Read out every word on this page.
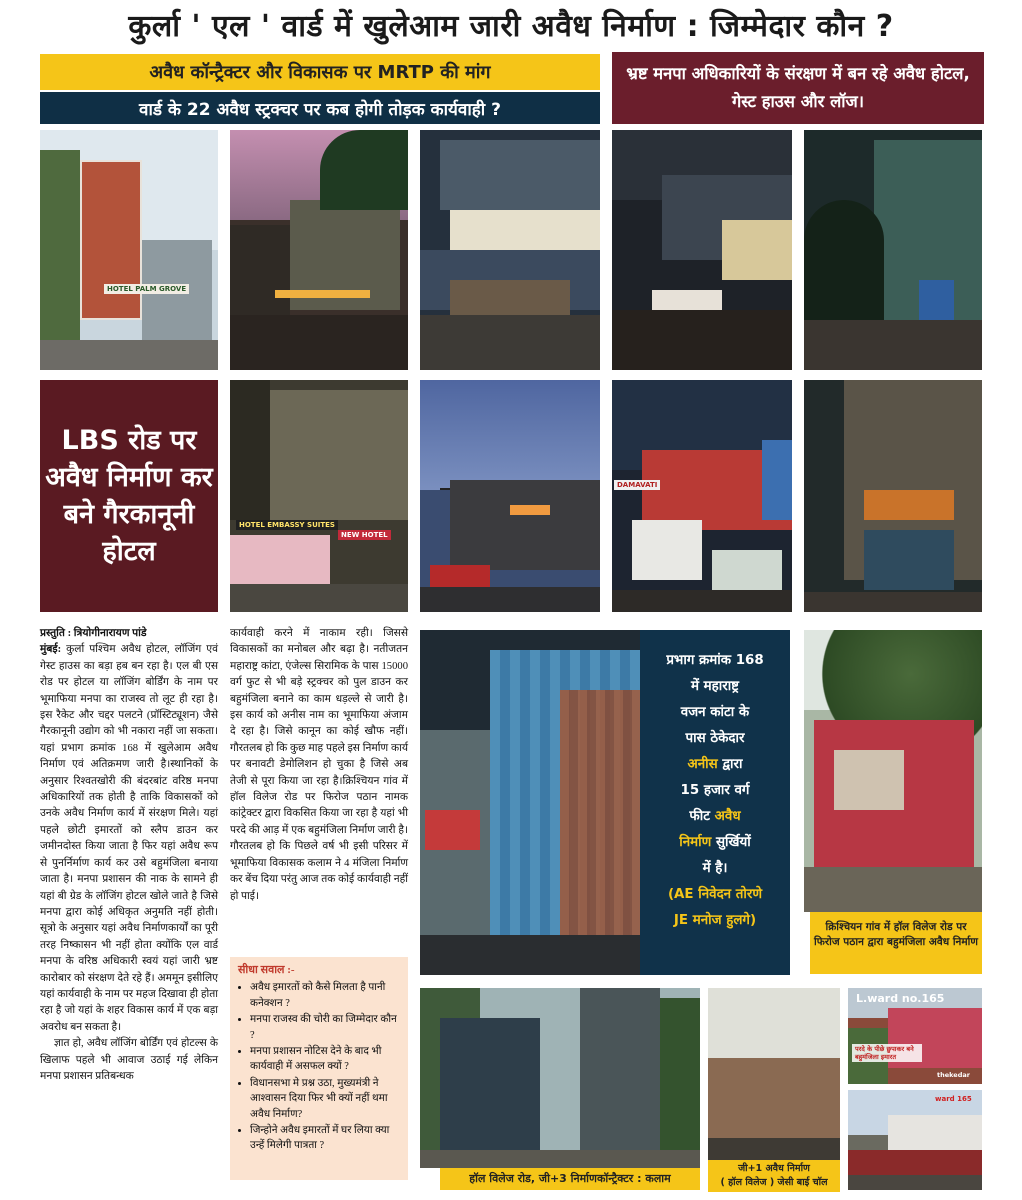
कुर्ला ' एल ' वार्ड में खुलेआम जारी अवैध निर्माण : जिम्मेदार कौन ?
अवैध कॉन्ट्रैक्टर और विकासक पर MRTP की मांग
वार्ड के 22 अवैध स्ट्रक्चर पर कब होगी तोड़क कार्यवाही ?
भ्रष्ट मनपा अधिकारियों के संरक्षण में बन रहे अवैध होटल, गेस्ट हाउस और लॉज।
HOTEL PALM GROVE
LBS रोड पर अवैध निर्माण कर बने गैरकानूनी होटल
HOTEL EMBASSY SUITES
NEW HOTEL
DAMAVATI
प्रस्तुति : त्रियोगीनारायण पांडे
मुंबई: कुर्ला पश्चिम अवैध होटल, लॉजिंग एवं गेस्ट हाउस का बड़ा हब बन रहा है। एल बी एस रोड पर होटल या लॉजिंग बोर्डिंग के नाम पर भूमाफिया मनपा का राजस्व तो लूट ही रहा है। इस रैकेट और चद्दर पलटने (प्रॉस्टिट्यूशन) जैसे गैरकानूनी उद्योग को भी नकारा नहीं जा सकता। यहां प्रभाग क्रमांक 168 में खुलेआम अवैध निर्माण एवं अतिक्रमण जारी है।स्थानिकों के अनुसार रिश्वतखोरी की बंदरबांट वरिष्ठ मनपा अधिकारियों तक होती है ताकि विकासकों को उनके अवैध निर्माण कार्य में संरक्षण मिले। यहां पहले छोटी इमारतों को स्लैप डाउन कर जमीनदोस्त किया जाता है फिर यहां अवैध रूप से पुनर्निर्माण कार्य कर उसे बहुमंजिला बनाया जाता है। मनपा प्रशासन की नाक के सामने ही यहां बी ग्रेड के लॉजिंग होटल खोले जाते है जिसे मनपा द्वारा कोई अधिकृत अनुमति नहीं होती। सूत्रो के अनुसार यहां अवैध निर्माणकार्यों का पूरी तरह निष्कासन भी नहीं होता क्योंकि एल वार्ड मनपा के वरिष्ठ अधिकारी स्वयं यहां जारी भ्रष्ट कारोबार को संरक्षण देते रहे हैं। अममून इसीलिए यहां कार्यवाही के नाम पर महज दिखावा ही होता रहा है जो यहां के शहर विकास कार्य में एक बड़ा अवरोध बन सकता है।
ज्ञात हो, अवैध लॉजिंग बोर्डिंग एवं होटल्स के खिलाफ पहले भी आवाज उठाई गई लेकिन मनपा प्रशासन प्रतिबन्धक
कार्यवाही करने में नाकाम रही। जिससे विकासकों का मनोबल और बढ़ा है। नतीजतन महाराष्ट्र कांटा, एंजेल्स सिरामिक के पास 15000 वर्ग फुट से भी बड़े स्ट्रक्चर को पुल डाउन कर बहुमंजिला बनाने का काम धड़ल्ले से जारी है। इस कार्य को अनीस नाम का भूमाफिया अंजाम दे रहा है। जिसे कानून का कोई खौफ नहीं। गौरतलब हो कि कुछ माह पहले इस निर्माण कार्य पर बनावटी डेमोलिशन हो चुका है जिसे अब तेजी से पूरा किया जा रहा है।क्रिश्चियन गांव में हॉल विलेज रोड पर फिरोज पठान नामक कांट्रेक्टर द्वारा विकसित किया जा रहा है यहां भी परदे की आड़ में एक बहुमंजिला निर्माण जारी है। गौरतलब हो कि पिछले वर्ष भी इसी परिसर में भूमाफिया विकासक कलाम ने 4 मंजिला निर्माण कर बेंच दिया परंतु आज तक कोई कार्यवाही नहीं हो पाई।
सीधा सवाल :-
• अवैध इमारतों को कैसे मिलता है पानी कनेक्शन ?
• मनपा राजस्व की चोरी का जिम्मेदार कौन ?
• मनपा प्रशासन नोटिस देने के बाद भी कार्यवाही में असफल क्यों ?
• विधानसभा मे प्रश्न उठा, मुख्यमंत्री ने आश्वासन दिया फिर भी क्यों नहीं थमा अवैध निर्माण?
• जिन्होने अवैध इमारतों में घर लिया क्या उन्हें मिलेगी पात्रता ?
प्रभाग क्रमांक 168
में महाराष्ट्र
वजन कांटा के
पास ठेकेदार
अनीस द्वारा
15 हजार वर्ग
फीट अवैध
निर्माण सुर्खियों
में है।
(AE निवेदन तोरणे
JE मनोज हुलगे)	क्रिश्चियन गांव में हॉल विलेज रोड पर फिरोज पठान द्वारा बहुमंजिला अवैध निर्माण
हॉल विलेज रोड, जी+3 निर्माणकॉन्ट्रैक्टर : कलाम
जी+1 अवैध निर्माण
( हॉल विलेज ) जेसी बाई चाॅल
परदे के पीछे छुपाकर बने बहुमंजिला इमारत
thekedar
L.ward no.165
ward 165
